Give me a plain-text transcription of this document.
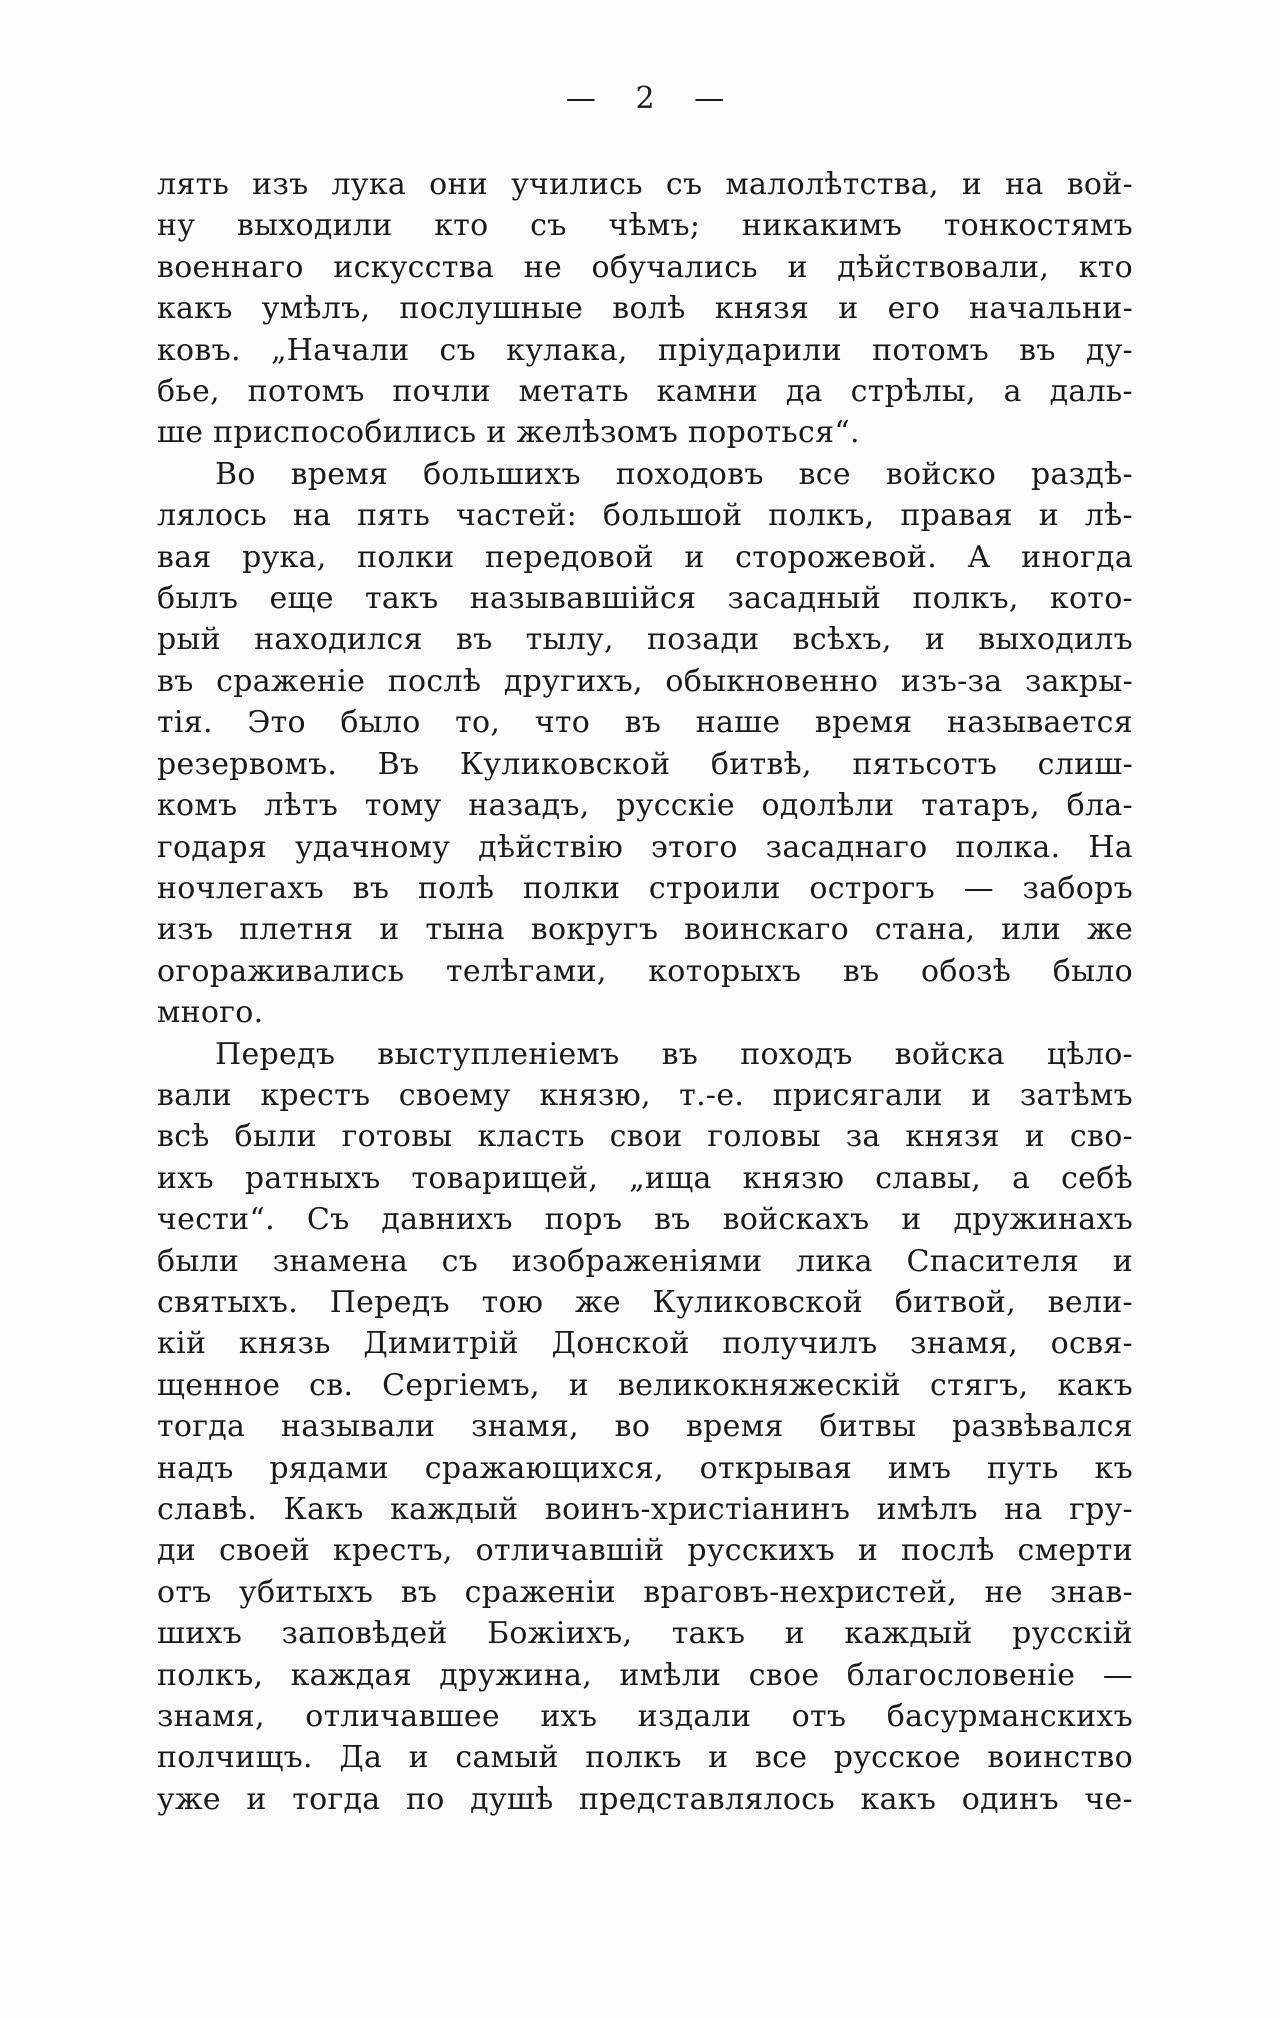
— 2 —
лять изъ лука они учились съ малолѣтства, и на вой-
ну выходили кто съ чѣмъ; никакимъ тонкостямъ
военнаго искусства не обучались и дѣйствовали, кто
какъ умѣлъ, послушные волѣ князя и его начальни-
ковъ. „Начали съ кулака, пріударили потомъ въ ду-
бье, потомъ почли метать камни да стрѣлы, а даль-
ше приспособились и желѣзомъ пороться“.
Во время большихъ походовъ все войско раздѣ-
лялось на пять частей: большой полкъ, правая и лѣ-
вая рука, полки передовой и сторожевой. А иногда
былъ еще такъ называвшійся засадный полкъ, кото-
рый находился въ тылу, позади всѣхъ, и выходилъ
въ сраженіе послѣ другихъ, обыкновенно изъ-за закры-
тія. Это было то, что въ наше время называется
резервомъ. Въ Куликовской битвѣ, пятьсотъ слиш-
комъ лѣтъ тому назадъ, русскіе одолѣли татаръ, бла-
годаря удачному дѣйствію этого засаднаго полка. На
ночлегахъ въ полѣ полки строили острогъ — заборъ
изъ плетня и тына вокругъ воинскаго стана, или же
огораживались телѣгами, которыхъ въ обозѣ было
много.
Передъ выступленіемъ въ походъ войска цѣло-
вали крестъ своему князю, т.-е. присягали и затѣмъ
всѣ были готовы класть свои головы за князя и сво-
ихъ ратныхъ товарищей, „ища князю славы, а себѣ
чести“. Съ давнихъ поръ въ войскахъ и дружинахъ
были знамена съ изображеніями лика Спасителя и
святыхъ. Передъ тою же Куликовской битвой, вели-
кій князь Димитрій Донской получилъ знамя, освя-
щенное св. Сергіемъ, и великокняжескій стягъ, какъ
тогда называли знамя, во время битвы развѣвался
надъ рядами сражающихся, открывая имъ путь къ
славѣ. Какъ каждый воинъ-христіанинъ имѣлъ на гру-
ди своей крестъ, отличавшій русскихъ и послѣ смерти
отъ убитыхъ въ сраженіи враговъ-нехристей, не знав-
шихъ заповѣдей Божіихъ, такъ и каждый русскій
полкъ, каждая дружина, имѣли свое благословеніе —
знамя, отличавшее ихъ издали отъ басурманскихъ
полчищъ. Да и самый полкъ и все русское воинство
уже и тогда по душѣ представлялось какъ одинъ че-
